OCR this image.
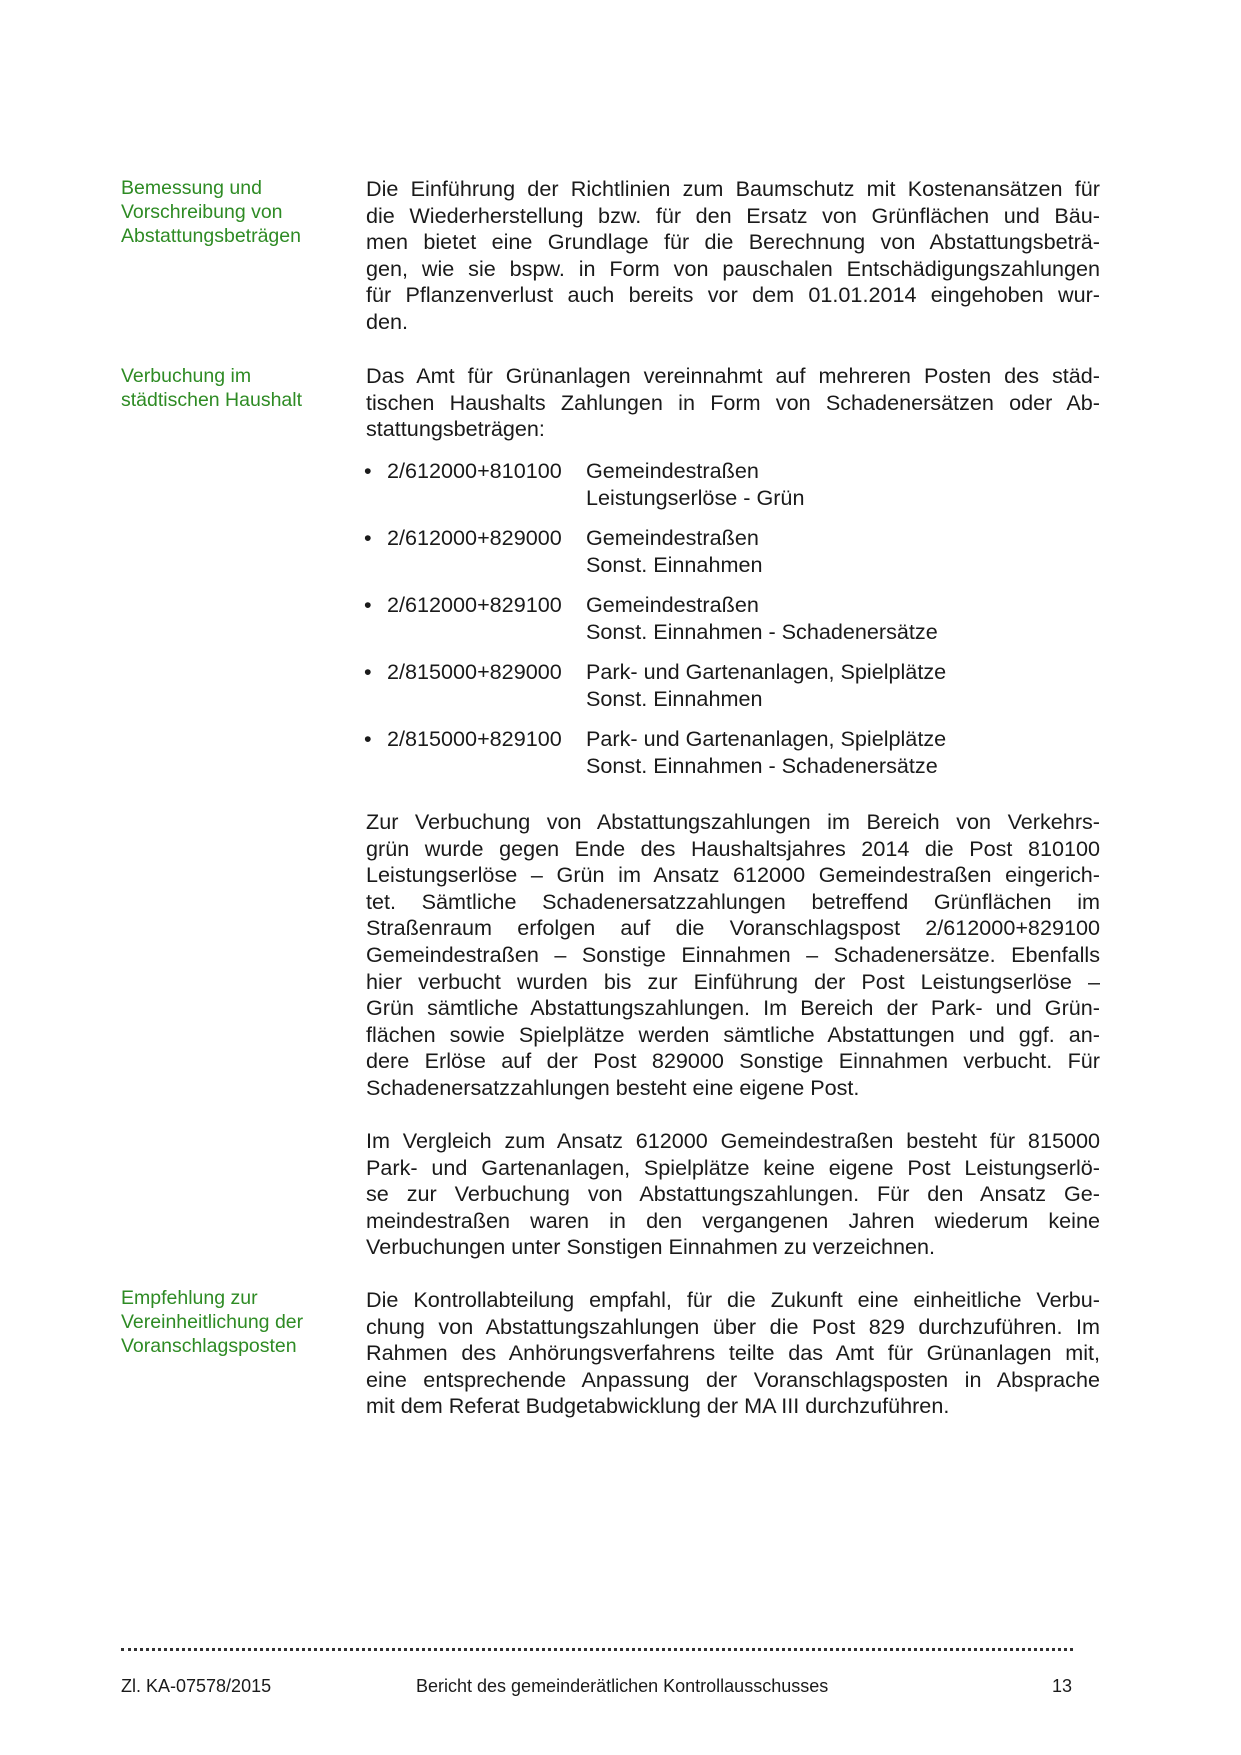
Bemessung und
Vorschreibung von
Abstattungsbeträgen

Die Einführung der Richtlinien zum Baumschutz mit Kostenansätzen für
die Wiederherstellung bzw. für den Ersatz von Grünflächen und Bäu-
men bietet eine Grundlage für die Berechnung von Abstattungsbeträ-
gen, wie sie bspw. in Form von pauschalen Entschädigungszahlungen
für Pflanzenverlust auch bereits vor dem 01.01.2014 eingehoben wur-
den.

Verbuchung im
städtischen Haushalt

Das Amt für Grünanlagen vereinnahmt auf mehreren Posten des städ-
tischen Haushalts Zahlungen in Form von Schadenersätzen oder Ab-
stattungsbeträgen:

• 2/612000+810100 Gemeindestraßen
Leistungserlöse - Grün
• 2/612000+829000 Gemeindestraßen
Sonst. Einnahmen
• 2/612000+829100 Gemeindestraßen
Sonst. Einnahmen - Schadenersätze
• 2/815000+829000 Park- und Gartenanlagen, Spielplätze
Sonst. Einnahmen
• 2/815000+829100 Park- und Gartenanlagen, Spielplätze
Sonst. Einnahmen - Schadenersätze

Zur Verbuchung von Abstattungszahlungen im Bereich von Verkehrs-
grün wurde gegen Ende des Haushaltsjahres 2014 die Post 810100
Leistungserlöse – Grün im Ansatz 612000 Gemeindestraßen eingerich-
tet. Sämtliche Schadenersatzzahlungen betreffend Grünflächen im
Straßenraum erfolgen auf die Voranschlagspost 2/612000+829100
Gemeindestraßen – Sonstige Einnahmen – Schadenersätze. Ebenfalls
hier verbucht wurden bis zur Einführung der Post Leistungserlöse –
Grün sämtliche Abstattungszahlungen. Im Bereich der Park- und Grün-
flächen sowie Spielplätze werden sämtliche Abstattungen und ggf. an-
dere Erlöse auf der Post 829000 Sonstige Einnahmen verbucht. Für
Schadenersatzzahlungen besteht eine eigene Post.

Im Vergleich zum Ansatz 612000 Gemeindestraßen besteht für 815000
Park- und Gartenanlagen, Spielplätze keine eigene Post Leistungserlö-
se zur Verbuchung von Abstattungszahlungen. Für den Ansatz Ge-
meindestraßen waren in den vergangenen Jahren wiederum keine
Verbuchungen unter Sonstigen Einnahmen zu verzeichnen.

Empfehlung zur
Vereinheitlichung der
Voranschlagsposten

Die Kontrollabteilung empfahl, für die Zukunft eine einheitliche Verbu-
chung von Abstattungszahlungen über die Post 829 durchzuführen. Im
Rahmen des Anhörungsverfahrens teilte das Amt für Grünanlagen mit,
eine entsprechende Anpassung der Voranschlagsposten in Absprache
mit dem Referat Budgetabwicklung der MA III durchzuführen.

Zl. KA-07578/2015	Bericht des gemeinderätlichen Kontrollausschusses	13
